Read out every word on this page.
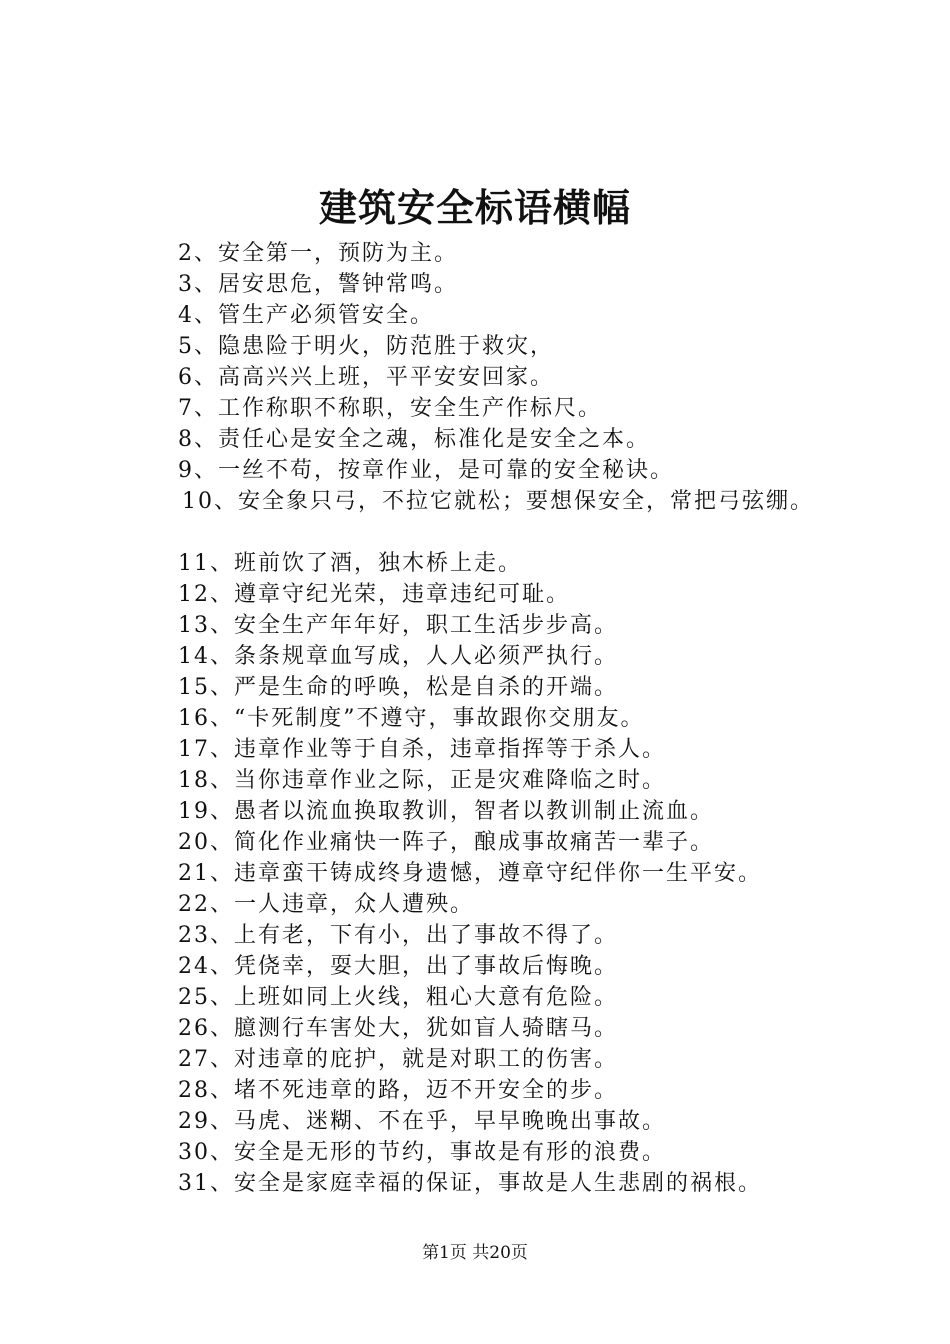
建筑安全标语横幅
2、安全第一，预防为主。
3、居安思危，警钟常鸣。
4、管生产必须管安全。
5、隐患险于明火，防范胜于救灾，
6、高高兴兴上班，平平安安回家。
7、工作称职不称职，安全生产作标尺。
8、责任心是安全之魂，标准化是安全之本。
9、一丝不苟，按章作业，是可靠的安全秘诀。
10、安全象只弓，不拉它就松；要想保安全，常把弓弦绷。
11、班前饮了酒，独木桥上走。
12、遵章守纪光荣，违章违纪可耻。
13、安全生产年年好，职工生活步步高。
14、条条规章血写成，人人必须严执行。
15、严是生命的呼唤，松是自杀的开端。
16、“卡死制度”不遵守，事故跟你交朋友。
17、违章作业等于自杀，违章指挥等于杀人。
18、当你违章作业之际，正是灾难降临之时。
19、愚者以流血换取教训，智者以教训制止流血。
20、简化作业痛快一阵子，酿成事故痛苦一辈子。
21、违章蛮干铸成终身遗憾，遵章守纪伴你一生平安。
22、一人违章，众人遭殃。
23、上有老，下有小，出了事故不得了。
24、凭侥幸，耍大胆，出了事故后悔晚。
25、上班如同上火线，粗心大意有危险。
26、臆测行车害处大，犹如盲人骑瞎马。
27、对违章的庇护，就是对职工的伤害。
28、堵不死违章的路，迈不开安全的步。
29、马虎、迷糊、不在乎，早早晚晚出事故。
30、安全是无形的节约，事故是有形的浪费。
31、安全是家庭幸福的保证，事故是人生悲剧的祸根。
第1页 共20页
